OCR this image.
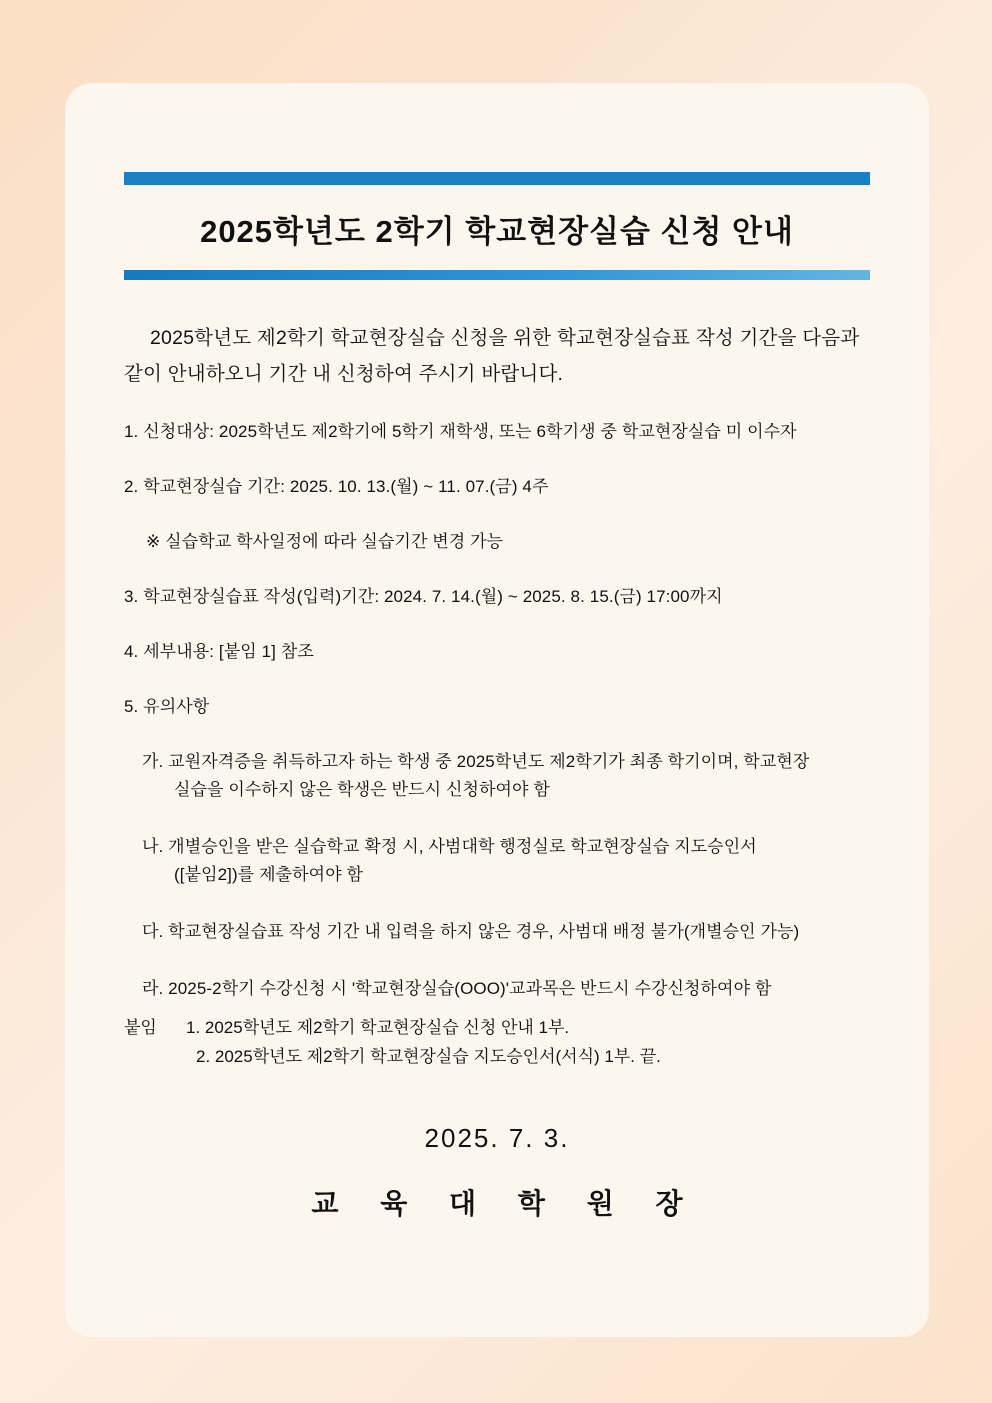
2025학년도 2학기 학교현장실습 신청 안내

2025학년도 제2학기 학교현장실습 신청을 위한 학교현장실습표 작성 기간을 다음과 같이 안내하오니 기간 내 신청하여 주시기 바랍니다.

1. 신청대상: 2025학년도 제2학기에 5학기 재학생, 또는 6학기생 중 학교현장실습 미 이수자
2. 학교현장실습 기간: 2025. 10. 13.(월) ~ 11. 07.(금) 4주
※ 실습학교 학사일정에 따라 실습기간 변경 가능
3. 학교현장실습표 작성(입력)기간: 2024. 7. 14.(월) ~ 2025. 8. 15.(금) 17:00까지
4. 세부내용: [붙임 1] 참조
5. 유의사항
가. 교원자격증을 취득하고자 하는 학생 중 2025학년도 제2학기가 최종 학기이며, 학교현장
실습을 이수하지 않은 학생은 반드시 신청하여야 함
나. 개별승인을 받은 실습학교 확정 시, 사범대학 행정실로 학교현장실습 지도승인서
([붙임2])를 제출하여야 함
다. 학교현장실습표 작성 기간 내 입력을 하지 않은 경우, 사범대 배정 불가(개별승인 가능)
라. 2025-2학기 수강신청 시 '학교현장실습(OOO)'교과목은 반드시 수강신청하여야 함
붙임 1. 2025학년도 제2학기 학교현장실습 신청 안내 1부.
2. 2025학년도 제2학기 학교현장실습 지도승인서(서식) 1부. 끝.
2025. 7. 3.
교 육 대 학 원 장
